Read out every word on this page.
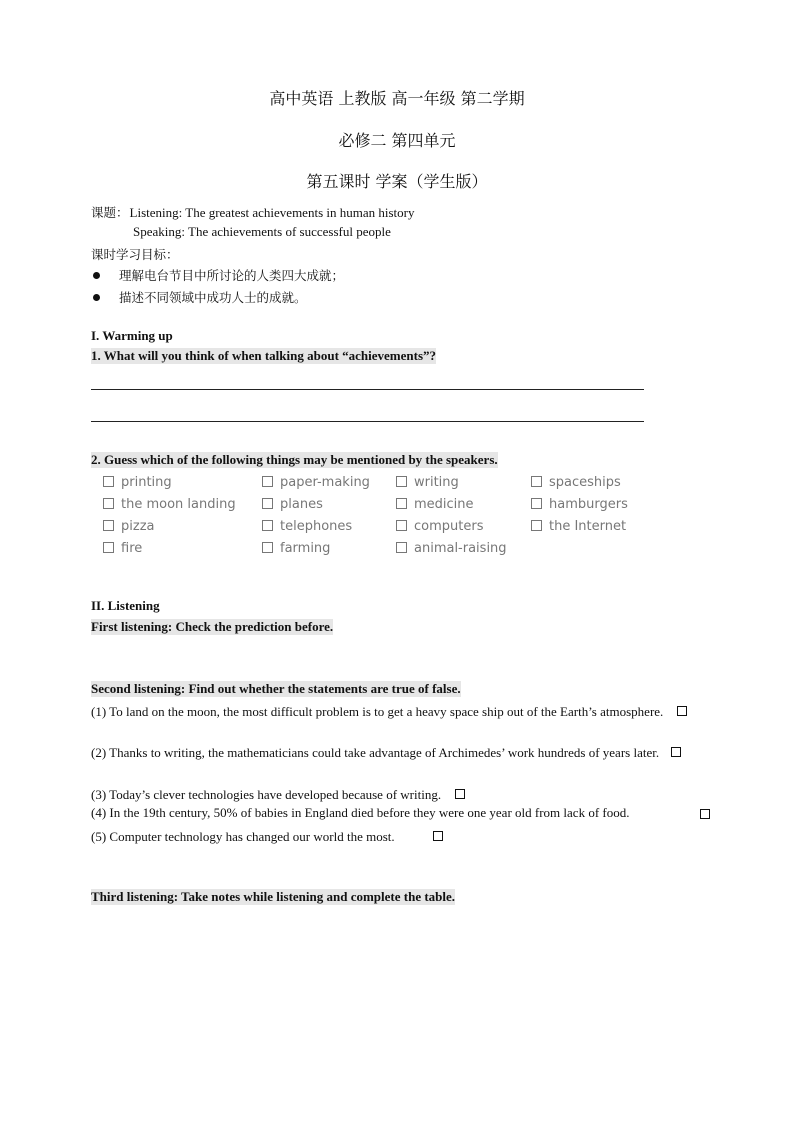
高中英语 上教版 高一年级 第二学期
必修二 第四单元
第五课时 学案（学生版）
课题：Listening: The greatest achievements in human history
Speaking: The achievements of successful people
课时学习目标：
理解电台节目中所讨论的人类四大成就；
描述不同领域中成功人士的成就。
I. Warming up
1. What will you think of when talking about “achievements”?
2. Guess which of the following things may be mentioned by the speakers.
printing	paper-making	writing	spaceships
the moon landing	planes	medicine	hamburgers
pizza	telephones	computers	the Internet
fire	farming	animal-raising
II. Listening
First listening: Check the prediction before.
Second listening: Find out whether the statements are true of false.
(1) To land on the moon, the most difficult problem is to get a heavy space ship out of the Earth’s atmosphere.
(2) Thanks to writing, the mathematicians could take advantage of Archimedes’ work hundreds of years later.
(3) Today’s clever technologies have developed because of writing.
(4) In the 19th century, 50% of babies in England died before they were one year old from lack of food.
(5) Computer technology has changed our world the most.
Third listening: Take notes while listening and complete the table.
